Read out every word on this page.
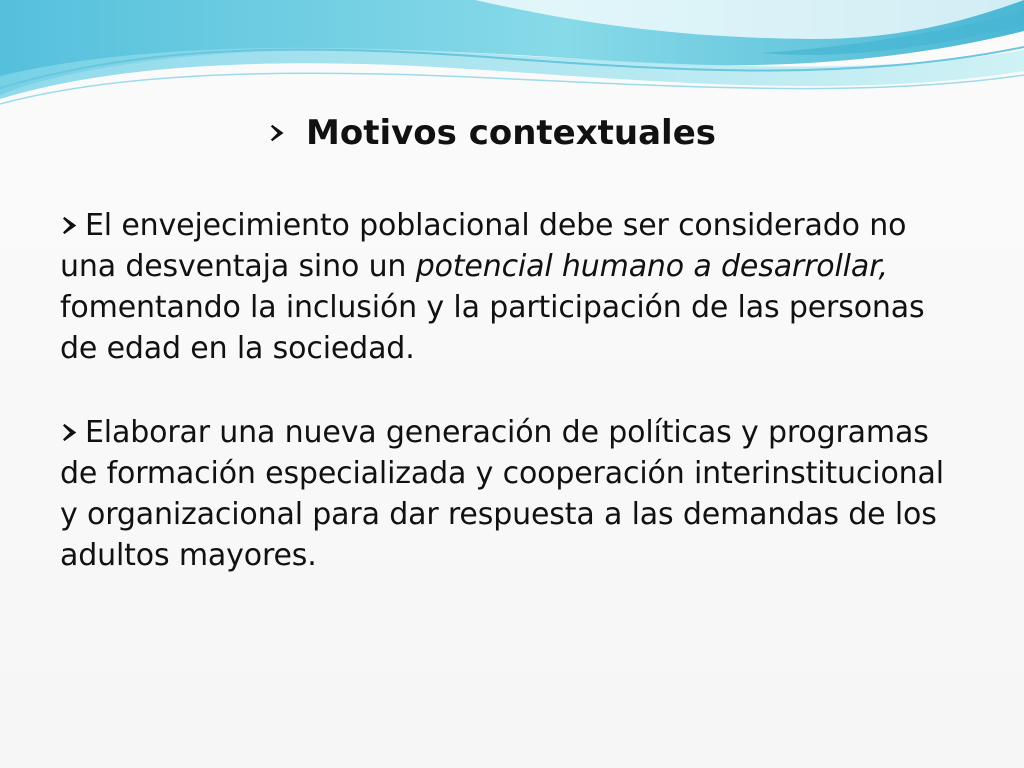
Motivos contextuales
El envejecimiento poblacional debe ser considerado no una desventaja sino un potencial humano a desarrollar, fomentando la inclusión y la participación de las personas de edad en la sociedad.
Elaborar una nueva generación de políticas y programas de formación especializada y cooperación interinstitucional y organizacional para dar respuesta a las demandas de los adultos mayores.
